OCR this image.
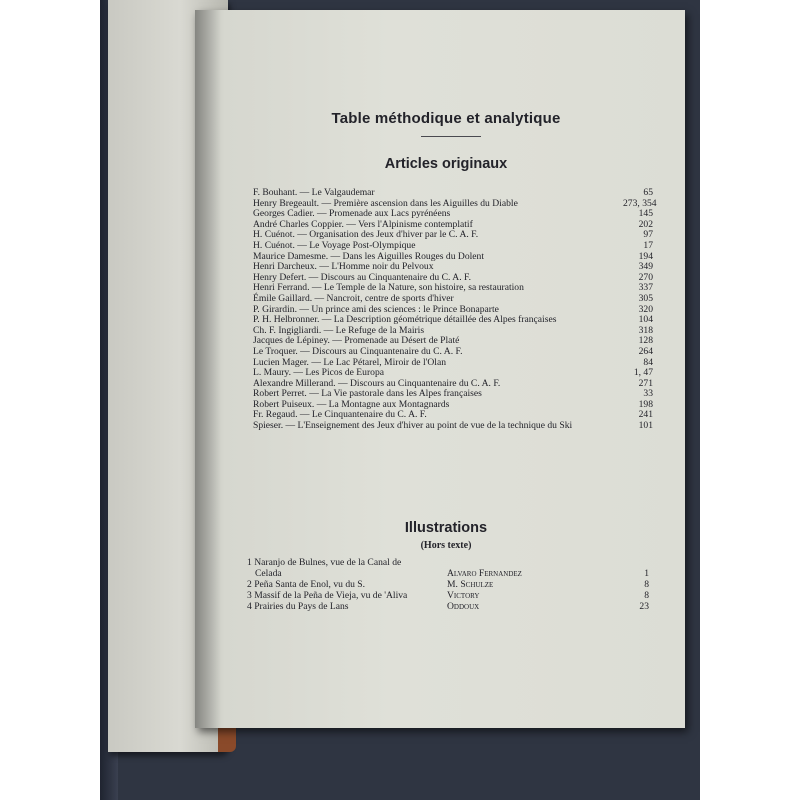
Table méthodique et analytique
Articles originaux
F. Bouhant. — Le Valgaudemar	65
Henry Bregeault. — Première ascension dans les Aiguilles du Diable	273, 354
Georges Cadier. — Promenade aux Lacs pyrénéens	145
André Charles Coppier. — Vers l'Alpinisme contemplatif	202
H. Cuénot. — Organisation des Jeux d'hiver par le C. A. F.	97
H. Cuénot. — Le Voyage Post-Olympique	17
Maurice Damesme. — Dans les Aiguilles Rouges du Dolent	194
Henri Darcheux. — L'Homme noir du Pelvoux	349
Henry Defert. — Discours au Cinquantenaire du C. A. F.	270
Henri Ferrand. — Le Temple de la Nature, son histoire, sa restauration	337
Émile Gaillard. — Nancroit, centre de sports d'hiver	305
P. Girardin. — Un prince ami des sciences : le Prince Bonaparte	320
P. H. Helbronner. — La Description géométrique détaillée des Alpes françaises	104
Ch. F. Ingigliardi. — Le Refuge de la Mairis	318
Jacques de Lépiney. — Promenade au Désert de Platé	128
Le Troquer. — Discours au Cinquantenaire du C. A. F.	264
Lucien Mager. — Le Lac Pétarel, Miroir de l'Olan	84
L. Maury. — Les Picos de Europa	1, 47
Alexandre Millerand. — Discours au Cinquantenaire du C. A. F.	271
Robert Perret. — La Vie pastorale dans les Alpes françaises	33
Robert Puiseux. — La Montagne aux Montagnards	198
Fr. Regaud. — Le Cinquantenaire du C. A. F.	241
Spieser. — L'Enseignement des Jeux d'hiver au point de vue de la technique du Ski	101
Illustrations
(Hors texte)
1 Naranjo de Bulnes, vue de la Canal de
Celada	Alvaro Fernandez	1
2 Peña Santa de Enol, vu du S.	M. Schulze	8
3 Massif de la Peña de Vieja, vu de 'Aliva	Victory	8
4 Prairies du Pays de Lans	Oddoux	23
